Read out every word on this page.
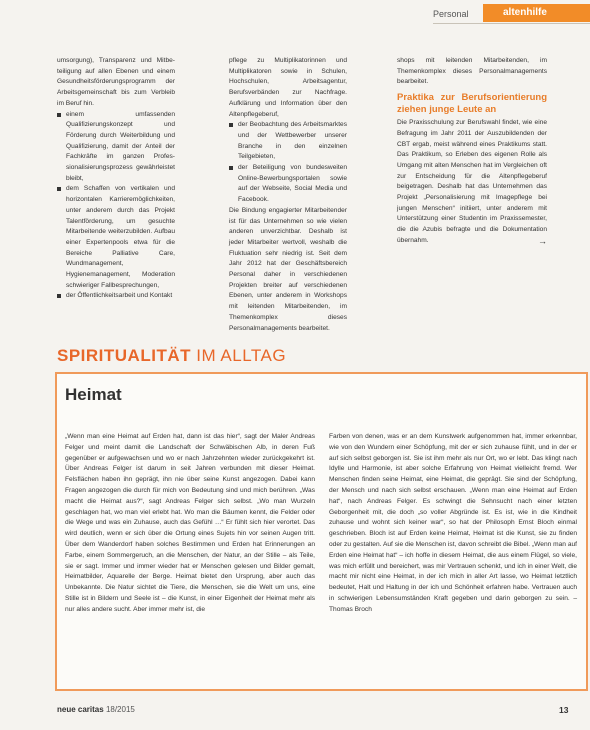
Personal	altenhilfe

umsorgung), Transparenz und Mitbe-teiligung auf allen Ebenen und einem Gesundheitsförderungsprogramm der Arbeitsgemeinschaft bis zum Verbleib im Beruf hin.

einem umfassenden Qualifizierungskonzept und Förderung durch Weiterbildung und Qualifizierung, damit der Anteil der Fachkräfte im ganzen Profes-sionalisierungsprozess gewährleistet bleibt,
dem Schaffen von vertikalen und horizontalen Karrieremöglichkeiten, unter anderem durch das Projekt Talentförderung, um gesuchte Mitarbeitende weiterzubilden. Aufbau einer Expertenpools etwa für die Bereiche Palliative Care, Wundmanagement, Hygienemanagement, Moderation schwieriger Fallbesprechungen,
der Öffentlichkeitsarbeit und Kontakt

pflege zu Multiplikatorinnen und Multiplikatoren sowie in Schulen, Hochschulen, Arbeitsagentur, Berufsverbänden zur Nachfrage. Aufklärung und Information über den Altenpflegeberuf,

der Beobachtung des Arbeitsmarktes und der Wettbewerber unserer Branche in den einzelnen Teilgebieten,
der Beteiligung von bundesweiten Online-Bewerbungsportalen sowie auf der Webseite, Social Media und Facebook.

Die Bindung engagierter Mitarbeitender ist für das Unternehmen so wie vielen anderen unverzichtbar. Deshalb ist jeder Mitarbeiter wertvoll, weshalb die Fluktuation sehr niedrig ist. Seit dem Jahr 2012 hat der Geschäftsbereich Personal daher in verschiedenen Projekten breiter auf verschiedenen Ebenen, unter anderem in Workshops mit leitenden Mitarbeitenden, im Themenkomplex dieses Personalmanagements bearbeitet.

shops mit leitenden Mitarbeitenden, im Themenkomplex dieses Personalmanagements bearbeitet.

Praktika zur Berufsorientierung ziehen junge Leute an

Die Praxisschulung zur Berufswahl findet, wie eine Befragung im Jahr 2011 der Auszubildenden der CBT ergab, meist während eines Praktikums statt. Das Praktikum, so Erleben des eigenen Rolle als Umgang mit alten Menschen hat im Vergleichen oft zur Entscheidung für die Altenpflegeberuf beigetragen. Deshalb hat das Unternehmen das Projekt „Personalisierung mit Imagepflege bei jungen Menschen“ initiiert, unter anderem mit Unterstützung einer Studentin im Praxissemester, die die Azubis befragte und die Dokumentation übernahm.	→

SPIRITUALITÄT IM ALLTAG
Heimat

„Wenn man eine Heimat auf Erden hat, dann ist das hier“, sagt der Maler Andreas Felger und meint damit die Landschaft der Schwäbischen Alb, in deren Fuß gegenüber er aufgewachsen und wo er nach Jahrzehnten wieder zurückgekehrt ist. Über Andreas Felger ist darum in seit Jahren verbunden mit dieser Heimat. Felsflächen haben ihn geprägt, ihn nie über seine Kunst angezogen. Dabei kann Fragen angezogen die durch für mich von Bedeutung sind und mich berühren. „Was macht die Heimat aus?“, sagt Andreas Felger sich selbst. „Wo man Wurzeln geschlagen hat, wo man viel erlebt hat. Wo man die Bäumen kennt, die Felder oder die Wege und was ein Zuhause, auch das Gefühl …“ Er fühlt sich hier verortet. Das wird deutlich, wenn er sich über die Ortung eines Sujets hin vor seinen Augen tritt. Über dem Wanderdorf haben solches Bestimmen und Erden hat Erinnerungen an Farbe, einem Sommergeruch, an die Menschen, der Natur, an der Stille – als Teile, sie er sagt. Immer und immer wieder hat er Menschen gelesen und Bilder gemalt, Heimatbilder, Aquarelle der Berge. Heimat bietet den Ursprung, aber auch das Unbekannte. Die Natur sichtet die Tiere, die Menschen, sie die Welt um uns, eine Stille ist in Bildern und Seele ist – die Kunst, in einer Eigenheit der Heimat mehr als nur alles andere sucht. Aber immer mehr ist, die

Farben von denen, was er an dem Kunstwerk aufgenommen hat, immer erkennbar, wie von den Wundern einer Schöpfung, mit der er sich zuhause fühlt, und in der er auf sich selbst geborgen ist. Sie ist ihm mehr als nur Ort, wo er lebt. Das klingt nach Idylle und Harmonie, ist aber solche Erfahrung von Heimat vielleicht fremd. Wer Menschen finden seine Heimat, eine Heimat, die geprägt. Sie sind der Schöpfung, der Mensch und nach sich selbst erschauen. „Wenn man eine Heimat auf Erden hat“, nach Andreas Felger. Es schwingt die Sehnsucht nach einer letzten Geborgenheit mit, die doch „so voller Abgründe ist. Es ist, wie in die Kindheit zuhause und wohnt sich keiner war“, so hat der Philosoph Ernst Bloch einmal geschrieben. Bloch ist auf Erden keine Heimat, Heimat ist die Kunst, sie zu finden oder zu gestalten. Auf sie die Menschen ist, davon schreibt die Bibel. „Wenn man auf Erden eine Heimat hat“ – ich hoffe in diesem Heimat, die aus einem Flügel, so viele, was mich erfüllt und bereichert, was mir Vertrauen schenkt, und ich in einer Welt, die macht mir nicht eine Heimat, in der ich mich in aller Art lasse, wo Heimat letztlich bedeutet, Halt und Haltung in der ich und Schönheit erfahren habe. Vertrauen auch in schwierigen Lebensumständen Kraft gegeben und darin geborgen zu sein. – Thomas Broch

neue caritas 18/2015	13
